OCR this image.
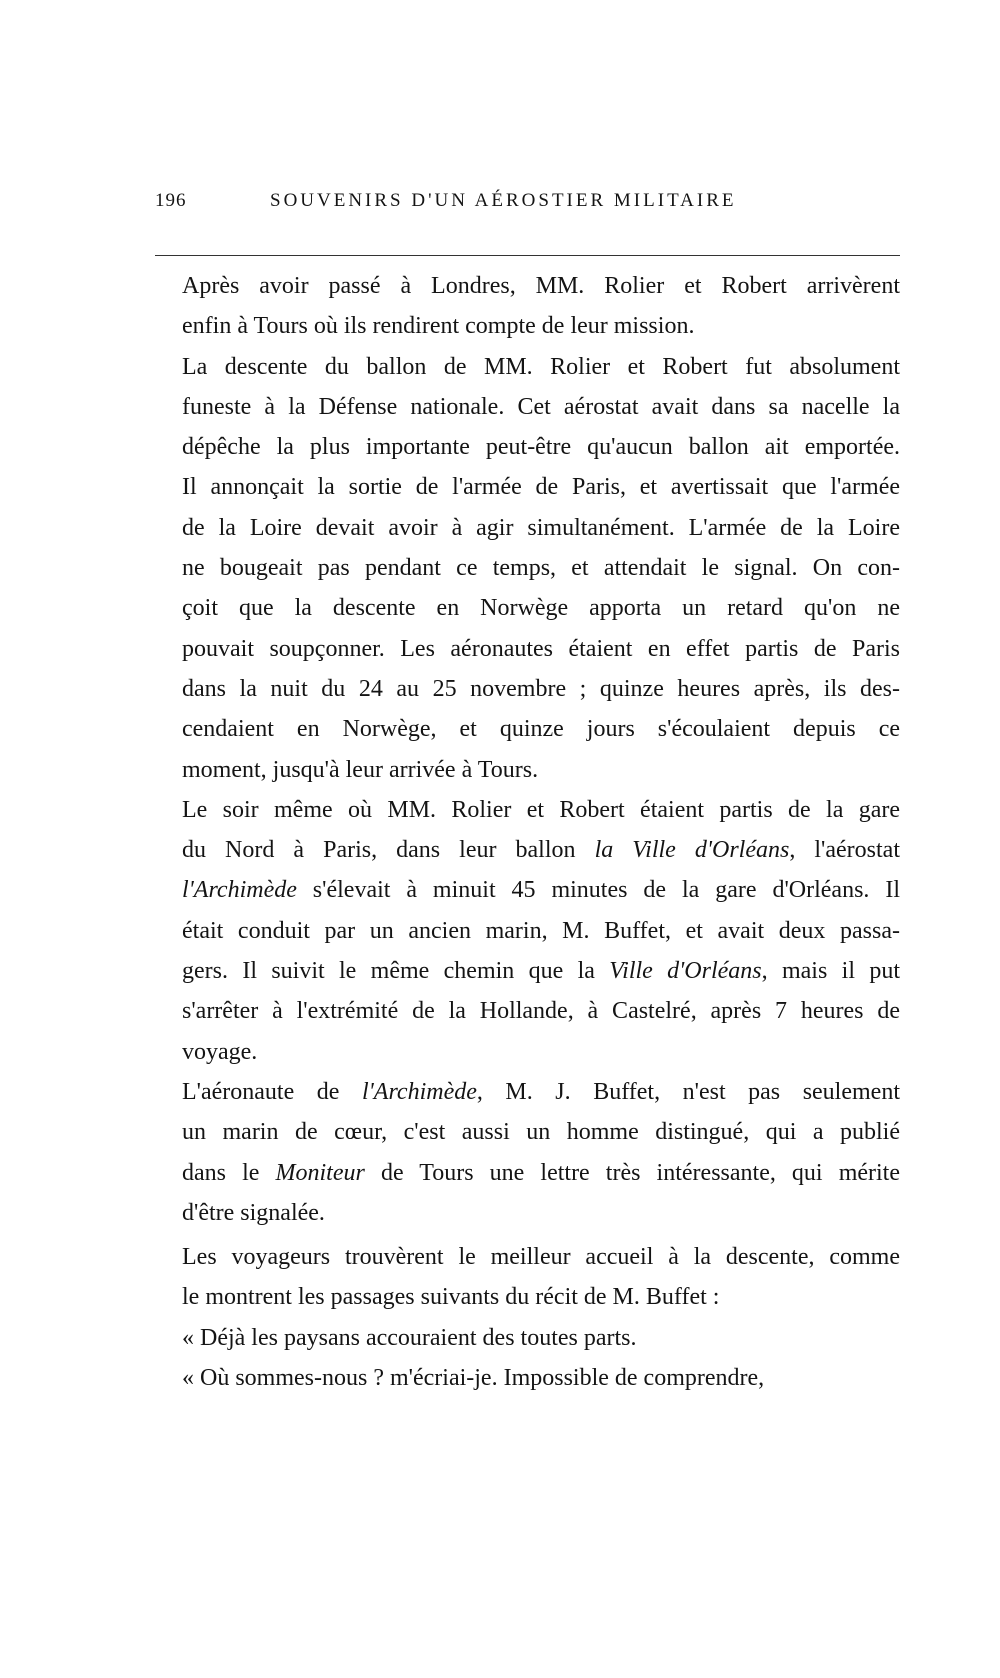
196	SOUVENIRS D'UN AÉROSTIER MILITAIRE

Après avoir passé à Londres, MM. Rolier et Robert arrivèrent
enfin à Tours où ils rendirent compte de leur mission.

La descente du ballon de MM. Rolier et Robert fut absolument
funeste à la Défense nationale. Cet aérostat avait dans sa nacelle la
dépêche la plus importante peut-être qu'aucun ballon ait emportée.
Il annonçait la sortie de l'armée de Paris, et avertissait que l'armée
de la Loire devait avoir à agir simultanément. L'armée de la Loire
ne bougeait pas pendant ce temps, et attendait le signal. On con-
çoit que la descente en Norwège apporta un retard qu'on ne
pouvait soupçonner. Les aéronautes étaient en effet partis de Paris
dans la nuit du 24 au 25 novembre ; quinze heures après, ils des-
cendaient en Norwège, et quinze jours s'écoulaient depuis ce
moment, jusqu'à leur arrivée à Tours.

Le soir même où MM. Rolier et Robert étaient partis de la gare
du Nord à Paris, dans leur ballon la Ville d'Orléans, l'aérostat
l'Archimède s'élevait à minuit 45 minutes de la gare d'Orléans. Il
était conduit par un ancien marin, M. Buffet, et avait deux passa-
gers. Il suivit le même chemin que la Ville d'Orléans, mais il put
s'arrêter à l'extrémité de la Hollande, à Castelré, après 7 heures de
voyage.

L'aéronaute de l'Archimède, M. J. Buffet, n'est pas seulement
un marin de cœur, c'est aussi un homme distingué, qui a publié
dans le Moniteur de Tours une lettre très intéressante, qui mérite
d'être signalée.

Les voyageurs trouvèrent le meilleur accueil à la descente, comme
le montrent les passages suivants du récit de M. Buffet :

« Déjà les paysans accouraient des toutes parts.

« Où sommes-nous ? m'écriai-je. Impossible de comprendre,
